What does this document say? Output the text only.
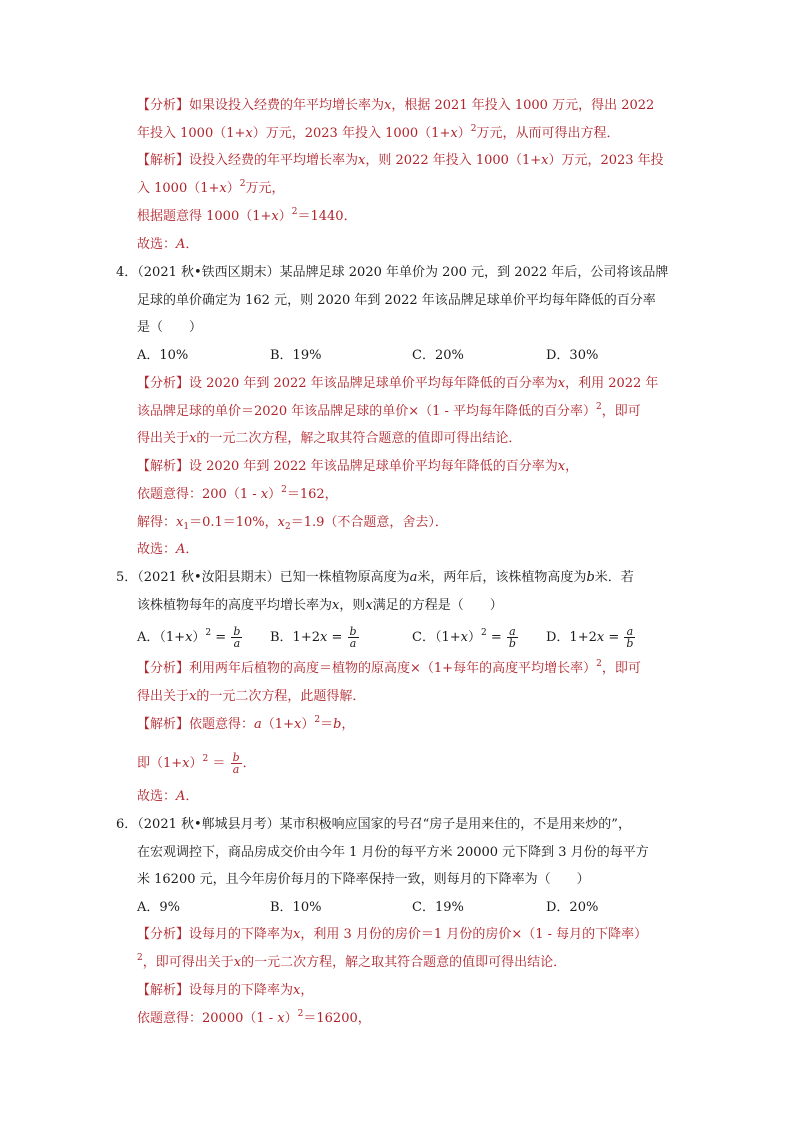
【分析】如果设投入经费的年平均增长率为x，根据 2021 年投入 1000 万元，得出 2022
年投入 1000（1+x）万元，2023 年投入 $1000(1+x)^2$万元，从而可得出方程．
【解析】设投入经费的年平均增长率为x，则 2022 年投入 1000（1+x）万元，2023 年投
入 $1000(1+x)^2$万元，
根据题意得 $1000(1+x)^2=1440$．
故选：A．
4．（2021 秋•铁西区期末）某品牌足球 2020 年单价为 200 元，到 2022 年后，公司将该品牌
足球的单价确定为 162 元，则 2020 年到 2022 年该品牌足球单价平均每年降低的百分率
是（　　）
A．10%	B．19%	C．20%	D．30%
【分析】设 2020 年到 2022 年该品牌足球单价平均每年降低的百分率为x，利用 2022 年
该品牌足球的单价＝2020 年该品牌足球的单价×（1 - 平均每年降低的百分率）$^2$，即可
得出关于x的一元二次方程，解之取其符合题意的值即可得出结论．
【解析】设 2020 年到 2022 年该品牌足球单价平均每年降低的百分率为x，
依题意得：200（1 - x）$^2$＝162，
解得：$x_1=0.1=10\%$，$x_2=1.9$（不合题意，舍去）．
故选：A．
5．（2021 秋•汝阳县期末）已知一株植物原高度为a米，两年后，该株植物高度为b米．若
该株植物每年的高度平均增长率为x，则x满足的方程是（　　）
A．$(1+x)^2 = \frac{b}{a}$ B．$1+2x = \frac{b}{a}$	C．$(1+x)^2 = \frac{a}{b}$ D．$1+2x = \frac{a}{b}$
【分析】利用两年后植物的高度＝植物的原高度×（1+每年的高度平均增长率）$^2$，即可
得出关于x的一元二次方程，此题得解．
【解析】依题意得：$a(1+x)^2=b$，
即$(1+x)^2 = \frac{b}{a}$ ．
故选：A．
6．（2021 秋•郸城县月考）某市积极响应国家的号召“房子是用来住的，不是用来炒的”，
在宏观调控下，商品房成交价由今年 1 月份的每平方米 20000 元下降到 3 月份的每平方
米 16200 元，且今年房价每月的下降率保持一致，则每月的下降率为（　　）
A．9%	B．10%	C．19%	D．20%
【分析】设每月的下降率为x，利用 3 月份的房价＝1 月份的房价×（1 - 每月的下降率）
$^2$，即可得出关于x的一元二次方程，解之取其符合题意的值即可得出结论．
【解析】设每月的下降率为x，
依题意得：20000（1 - x）$^2$＝16200，
